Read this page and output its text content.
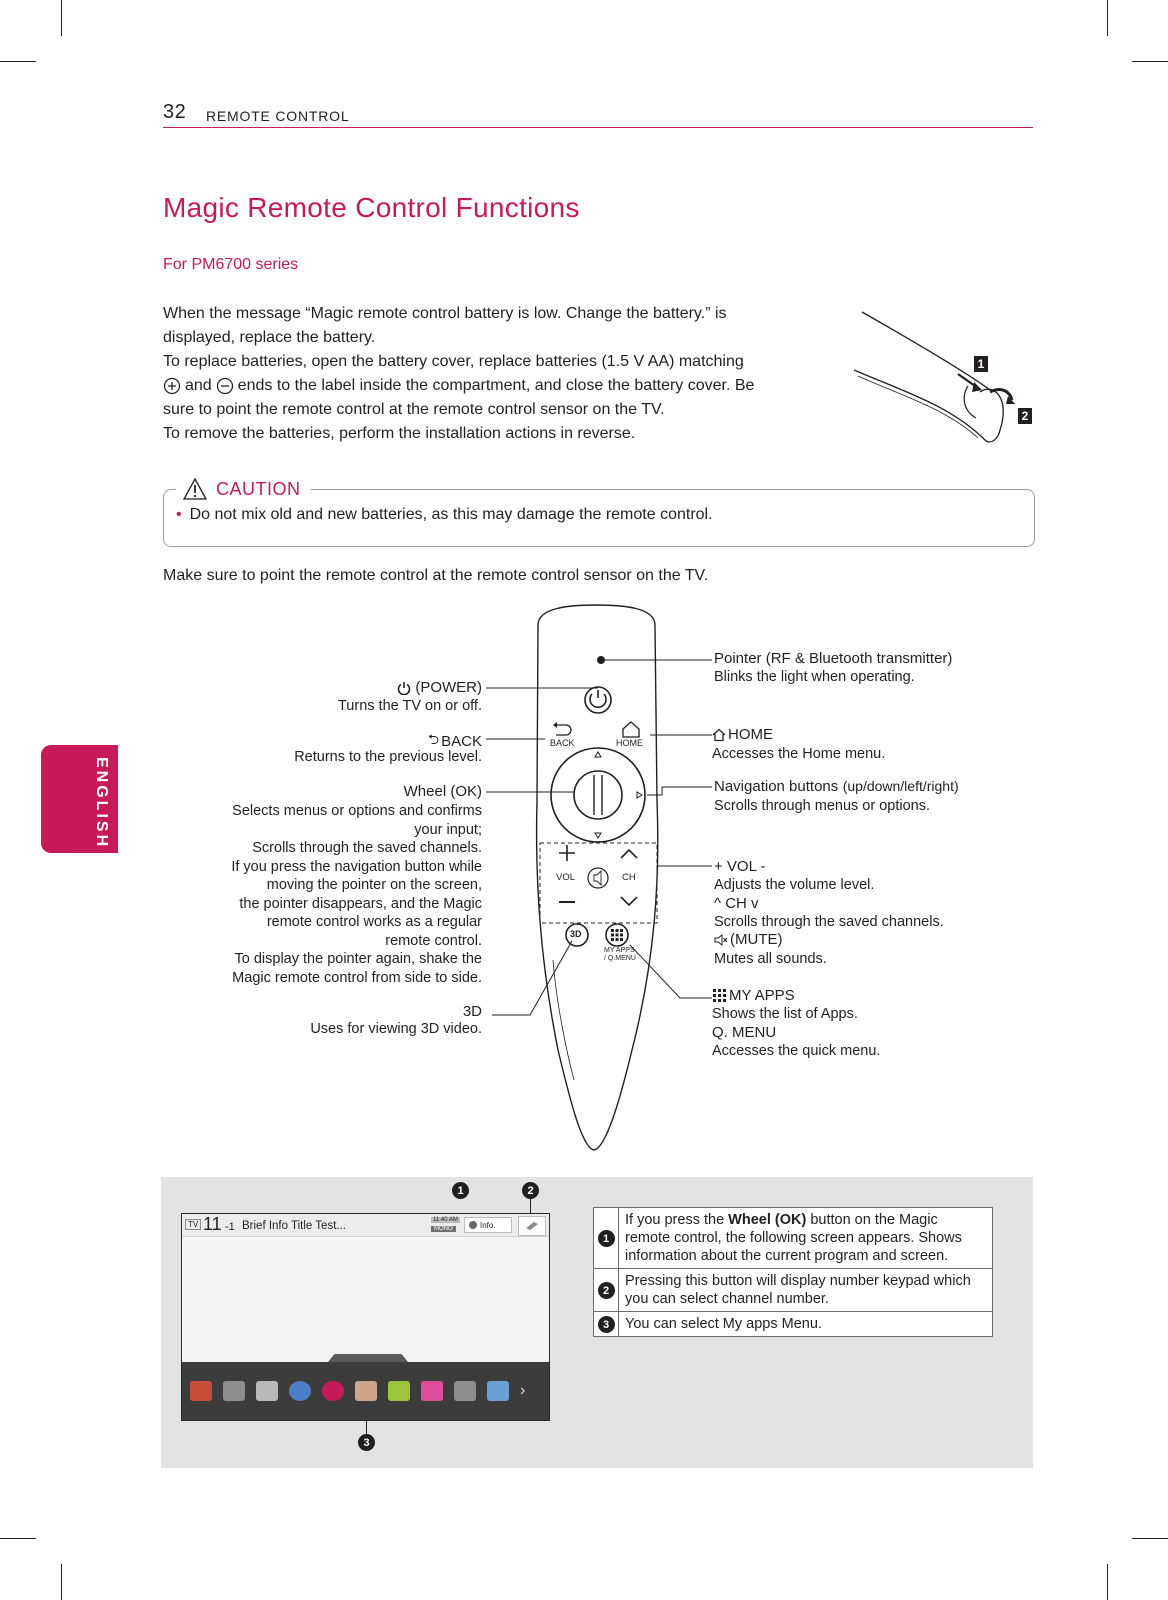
32 REMOTE CONTROL
ENGLISH
Magic Remote Control Functions
For PM6700 series
When the message “Magic remote control battery is low. Change the battery.” is
displayed, replace the battery.
To replace batteries, open the battery cover, replace batteries (1.5 V AA) matching
and ends to the label inside the compartment, and close the battery cover. Be
sure to point the remote control at the remote control sensor on the TV.
To remove the batteries, perform the installation actions in reverse.
1
2
CAUTION
• Do not mix old and new batteries, as this may damage the remote control.
Make sure to point the remote control at the remote control sensor on the TV.
BACK	HOME
VOL	CH
3D
MY APPS
/ Q.MENU
(POWER)
Turns the TV on or off.
⮌ BACK
Returns to the previous level.
Wheel (OK)
Selects menus or options and confirms
your input;
Scrolls through the saved channels.
If you press the navigation button while
moving the pointer on the screen,
the pointer disappears, and the Magic
remote control works as a regular
remote control.
To display the pointer again, shake the
Magic remote control from side to side.
3D
Uses for viewing 3D video.
Pointer (RF & Bluetooth transmitter)
Blinks the light when operating.
HOME
Accesses the Home menu.
Navigation buttons (up/down/left/right)
Scrolls through menus or options.
+ VOL -
Adjusts the volume level.
^ CH v
Scrolls through the saved channels.
(MUTE)
Mutes all sounds.
MY APPS
Shows the list of Apps.
Q. MENU
Accesses the quick menu.
1	2
3
TV 11 -1 Brief Info Title Test...	11:40 AM
MONO	Info.
›
1	If you press the Wheel (OK) button on the Magic remote control, the following screen appears. Shows information about the current program and screen.
2	Pressing this button will display number keypad which you can select channel number.
3	You can select My apps Menu.
